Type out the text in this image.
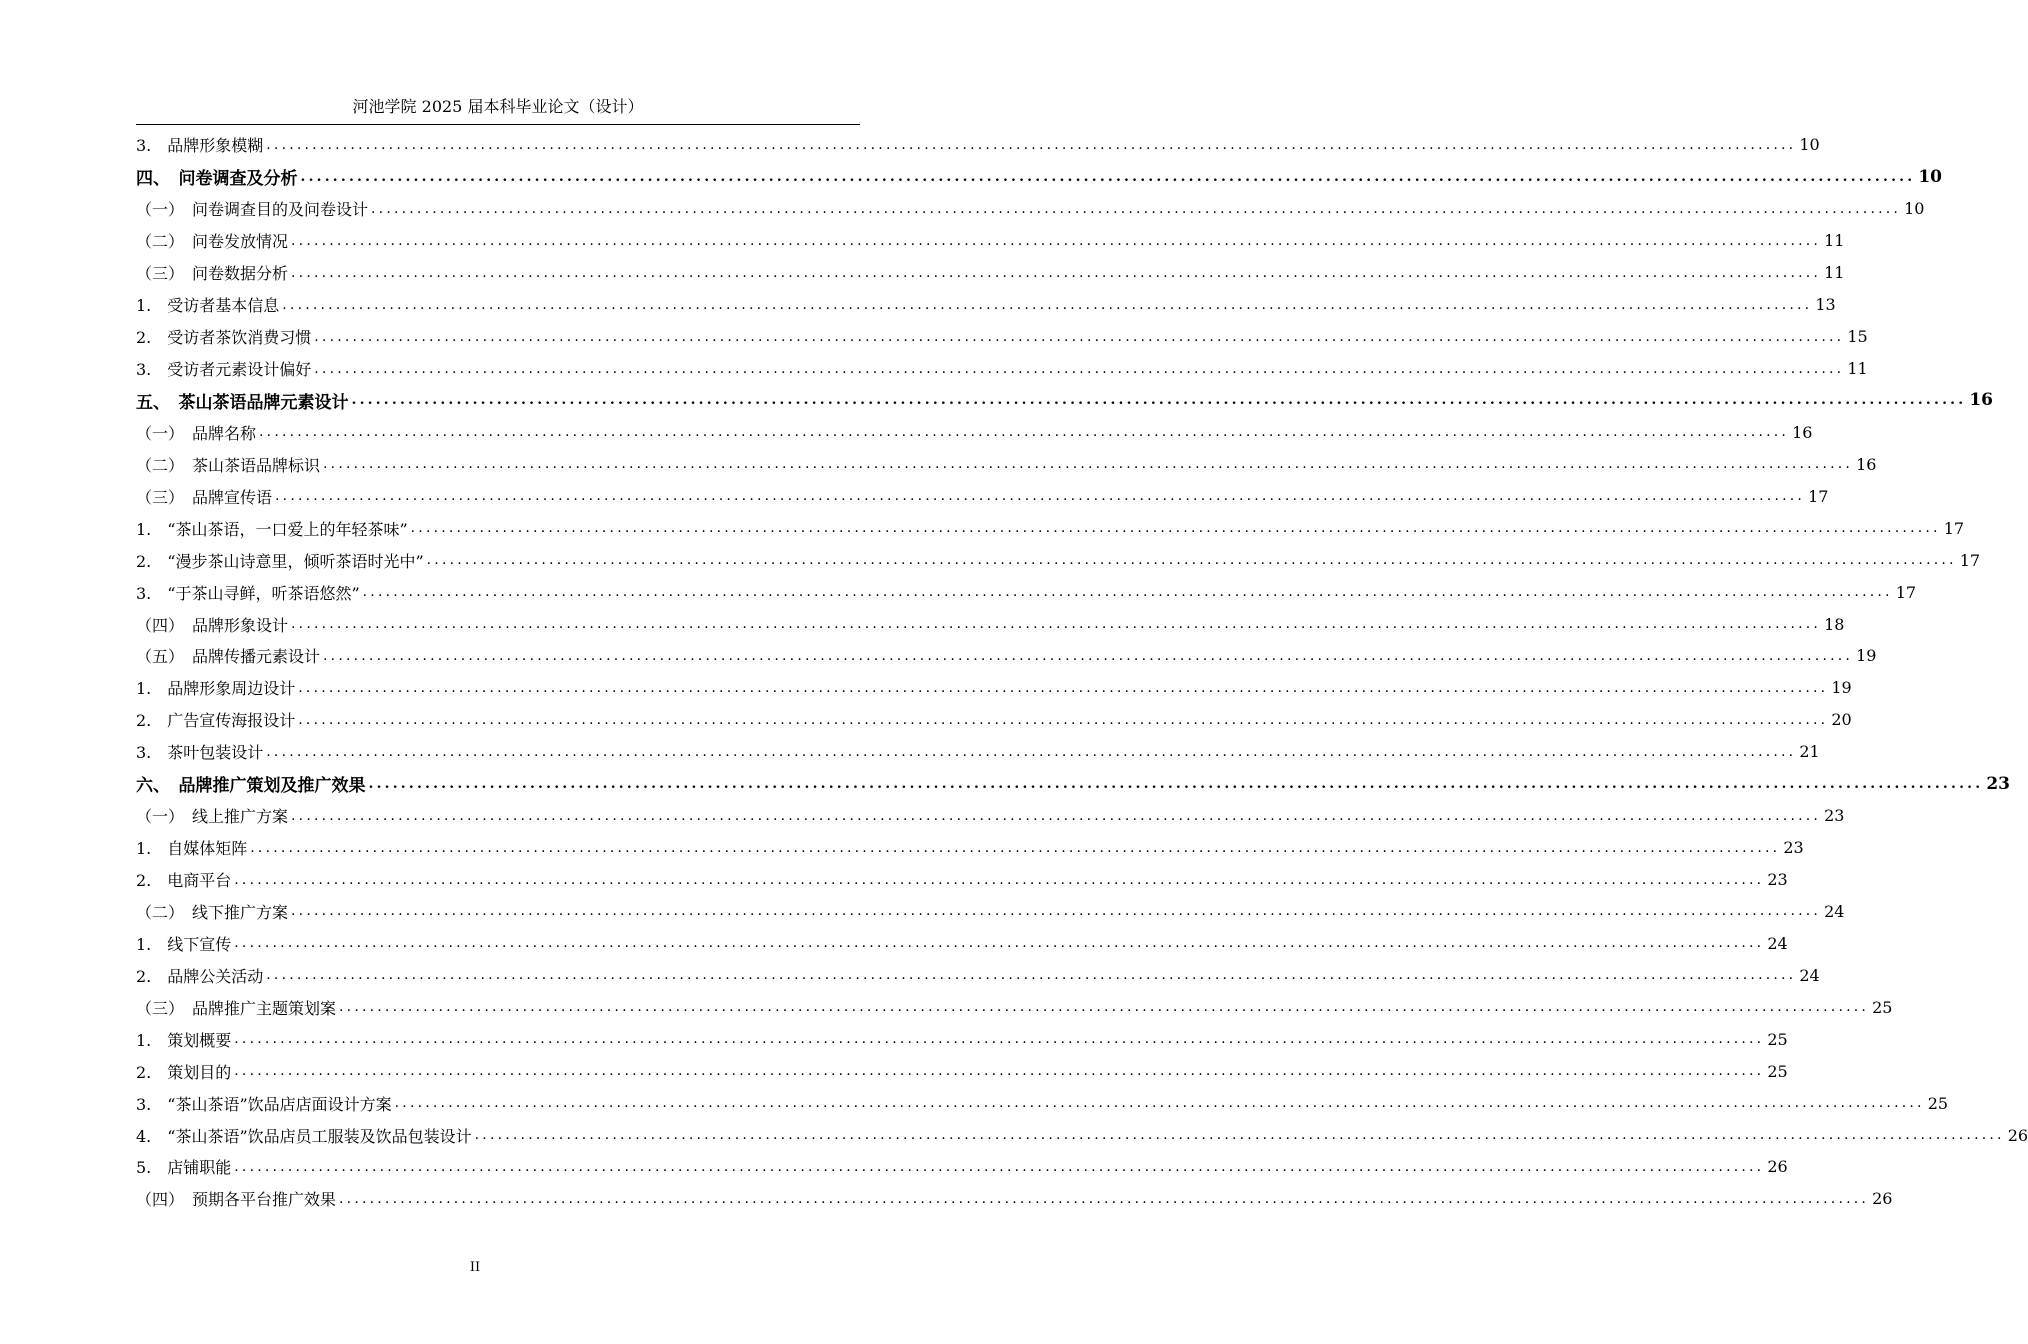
河池学院 2025 届本科毕业论文（设计）
3.　品牌形象模糊 ........................................................................................................................................................................................................ 10
四、　问卷调查及分析 ........................................................................................................................................................................................................ 10
（一）　问卷调查目的及问卷设计 ........................................................................................................................................................................................................ 10
（二）　问卷发放情况 ........................................................................................................................................................................................................ 11
（三）　问卷数据分析 ........................................................................................................................................................................................................ 11
1.　受访者基本信息 ........................................................................................................................................................................................................ 13
2.　受访者茶饮消费习惯 ........................................................................................................................................................................................................ 15
3.　受访者元素设计偏好 ........................................................................................................................................................................................................ 11
五、　茶山茶语品牌元素设计 ........................................................................................................................................................................................................ 16
（一）　品牌名称 ........................................................................................................................................................................................................ 16
（二）　茶山茶语品牌标识 ........................................................................................................................................................................................................ 16
（三）　品牌宣传语 ........................................................................................................................................................................................................ 17
1.　“茶山茶语，一口爱上的年轻茶味” ........................................................................................................................................................................................................ 17
2.　“漫步茶山诗意里，倾听茶语时光中” ........................................................................................................................................................................................................ 17
3.　“于茶山寻鲜，听茶语悠然” ........................................................................................................................................................................................................ 17
（四）　品牌形象设计 ........................................................................................................................................................................................................ 18
（五）　品牌传播元素设计 ........................................................................................................................................................................................................ 19
1.　品牌形象周边设计 ........................................................................................................................................................................................................ 19
2.　广告宣传海报设计 ........................................................................................................................................................................................................ 20
3.　茶叶包装设计 ........................................................................................................................................................................................................ 21
六、　品牌推广策划及推广效果 ........................................................................................................................................................................................................ 23
（一）　线上推广方案 ........................................................................................................................................................................................................ 23
1.　自媒体矩阵 ........................................................................................................................................................................................................ 23
2.　电商平台 ........................................................................................................................................................................................................ 23
（二）　线下推广方案 ........................................................................................................................................................................................................ 24
1.　线下宣传 ........................................................................................................................................................................................................ 24
2.　品牌公关活动 ........................................................................................................................................................................................................ 24
（三）　品牌推广主题策划案 ........................................................................................................................................................................................................ 25
1.　策划概要 ........................................................................................................................................................................................................ 25
2.　策划目的 ........................................................................................................................................................................................................ 25
3.　“茶山茶语”饮品店店面设计方案 ........................................................................................................................................................................................................ 25
4.　“茶山茶语”饮品店员工服装及饮品包装设计 ........................................................................................................................................................................................................ 26
5.　店铺职能 ........................................................................................................................................................................................................ 26
（四）　预期各平台推广效果 ........................................................................................................................................................................................................ 26
II
